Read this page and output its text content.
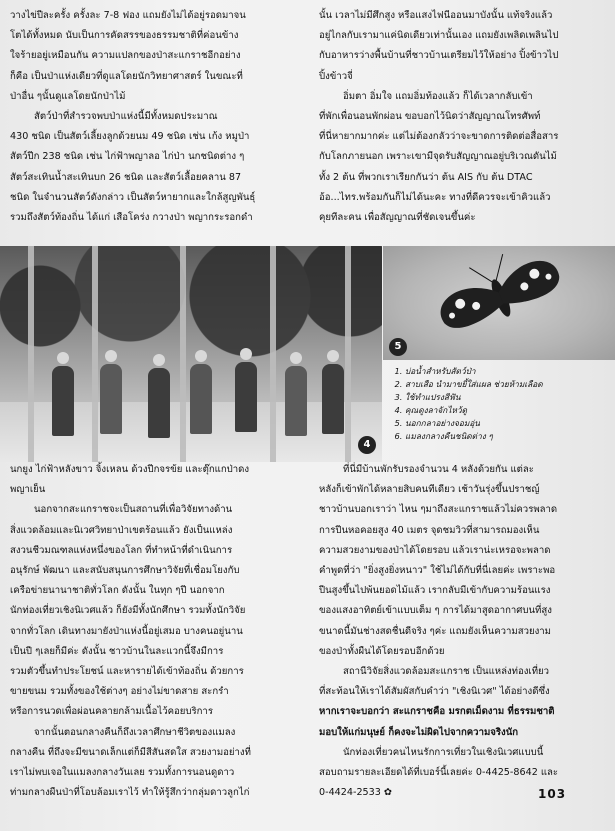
วางไข่ปีละครั้ง ครั้งละ 7-8 ฟอง แถมยังไม่ได้อยู่รอดมาจน

โตได้ทั้งหมด นับเป็นการคัดสรรของธรรมชาติที่ค่อนข้าง

ใจร้ายอยู่เหมือนกัน ความแปลกของป่าสะแกราชอีกอย่าง

ก็คือ เป็นป่าแห่งเดียวที่ดูแลโดยนักวิทยาศาสตร์ ในขณะที่

ป่าอื่น ๆนั้นดูแลโดยนักป่าไม้

สัตว์ป่าที่สำรวจพบป่าแห่งนี้มีทั้งหมดประมาณ

430 ชนิด เป็นสัตว์เลี้ยงลูกด้วยนม 49 ชนิด เช่น เก้ง หมูป่า

สัตว์ปีก 238 ชนิด เช่น ไก่ฟ้าพญาลอ ไก่ป่า นกชนิดต่าง ๆ

สัตว์สะเทินน้ำสะเทินบก 26 ชนิด และสัตว์เลื้อยคลาน 87

ชนิด ในจำนวนสัตว์ดังกล่าว เป็นสัตว์หายากและใกล้สูญพันธุ์

รวมถึงสัตว์ท้องถิ่น ได้แก่ เสือโคร่ง กวางป่า พญากระรอกดำ

นั้น เวลาไม่มีศึกสูง หรือแสงไฟนีออนมาบังนั้น แท้จริงแล้ว

อยู่ไกลกับเรามาแค่นิดเดียวเท่านั้นเอง แถมยังเพลิดเพลินไป

กับอาหารว่างพื้นบ้านที่ชาวบ้านเตรียมไว้ให้อย่าง ปิ้งข้าวไป

ปิ้งข้าวจี่

อิ่มตา อิ่มใจ แถมอิ่มท้องแล้ว ก็ได้เวลากลับเข้า

ที่พักเพื่อนอนพักผ่อน ขอบอกไว้นิดว่าสัญญาณโทรศัพท์

ที่นี่หายากมากค่ะ แต่ไม่ต้องกลัวว่าจะขาดการติดต่อสื่อสาร

กับโลกภายนอก เพราะเขามีจุดรับสัญญาณอยู่บริเวณดันไม้

ทั้ง 2 ต้น ที่พวกเราเรียกกันว่า ต้น AIS กับ ต้น DTAC

อ้อ...ไทร.พร้อมกันก็ไม่ได้นะคะ ทางที่ดีควรจะเข้าคิวแล้ว

คุยทีละคน เพื่อสัญญาณที่ชัดเจนขึ้นค่ะ

4
5
1. บ่อน้ำสำหรับสัตว์ป่า
2. สาบเสือ นำมาขยี้ใส่แผล ช่วยห้ามเลือด
3. ใช้ทำแปรงสีฟัน
4. คุณดูงลาจักไหว้ดู
5. นอกกลาอย่างจอมอุ่น
6. แมลงกลางคืนชนิดต่าง ๆ

นกยูง ไก่ฟ้าหลังขาว จิ้งเหลน ด้วงปีกจรข้ย และตุ๊กแกป่าดง

พญาเย็น

นอกจากสะแกราชจะเป็นสถานที่เพื่อวิจัยทางด้าน

สิ่งแวดล้อมและนิเวศวิทยาป่าเขตร้อนแล้ว ยังเป็นแหล่ง

สงวนชีวมณฑลแห่งหนึ่งของโลก ที่ทำหน้าที่ดำเนินการ

อนุรักษ์ พัฒนา และสนับสนุนการศึกษาวิจัยที่เชื่อมโยงกับ

เครือข่ายนานาชาติทั่วโลก ดังนั้น ในทุก ๆปี นอกจาก

นักท่องเที่ยวเชิงนิเวศแล้ว ก็ยังมีทั้งนักศึกษา รวมทั้งนักวิจัย

จากทั่วโลก เดินทางมายังป่าแห่งนี้อยู่เสมอ บางคนอยู่นาน

เป็นปี ๆเลยก็มีค่ะ ดังนั้น ชาวบ้านในละแวกนี้จึงมีการ

รวมตัวขึ้นทำประโยชน์ และหารายได้เข้าท้องถิ่น ด้วยการ

ขายขนม รวมทั้งของใช้ต่างๆ อย่างไม่ขาดสาย สะกรำ

หรือการนวดเพื่อผ่อนคลายกล้ามเนื้อไว้คอยบริการ

จากนั้นตอนกลางคืนก็ถึงเวลาศึกษาชีวิตของแมลง

กลางคืน ที่ถึงจะมีขนาดเล็กแต่ก็มีสีสันสดใส สวยงามอย่างที่

เราไม่พบเจอในแมลงกลางวันเลย รวมทั้งการนอนดูดาว

ท่ามกลางผืนป่าที่โอบล้อมเราไว้ ทำให้รู้สึกว่ากลุ่มดาวลูกไก่

ที่นี่มีบ้านพักรับรองจำนวน 4 หลังด้วยกัน แต่ละ

หลังก็เข้าพักได้หลายสิบคนทีเดียว เช้าวันรุ่งขึ้นปราชญ์

ชาวบ้านบอกเราว่า ไหน ๆมาถึงสะแกราชแล้วไม่ควรพลาด

การปีนหอคอยสูง 40 เมตร จุดชมวิวที่สามารถมองเห็น

ความสวยงามของป่าได้โดยรอบ แล้วเราน่ะเหรอจะพลาด

คำพูดที่ว่า "ยิ่งสูงยิ่งหนาว" ใช้ไม่ได้กับที่นี่เลยค่ะ เพราะพอ

ปีนสูงขึ้นไปพ้นยอดไม้แล้ว เรากลับมีเข้ากับความร้อนแรง

ของแสงอาทิตย์เข้าแบบเต็ม ๆ การได้มาสูดอากาศบนที่สูง

ขนาดนี้มันช่างสดชื่นดีจริง ๆค่ะ แถมยังเห็นความสวยงาม

ของป่าทั้งผืนได้โดยรอบอีกด้วย

สถานีวิจัยสิ่งแวดล้อมสะแกราช เป็นแหล่งท่องเที่ยว

ที่สะท้อนให้เราได้สัมผัสกับคำว่า "เชิงนิเวศ" ได้อย่างดีซึ่ง

หากเราจะบอกว่า สะแกราชคือ มรกตเม็ดงาม ที่ธรรมชาติ

มอบให้แก่มนุษย์ ก็คงจะไม่ผิดไปจากความจริงนัก

นักท่องเที่ยวคนไหนรักการเที่ยวในเชิงนิเวศแบบนี้

สอบถามรายละเอียดได้ที่เบอร์นี้เลยค่ะ 0-4425-8642 และ

0-4424-2533 ✿	103
